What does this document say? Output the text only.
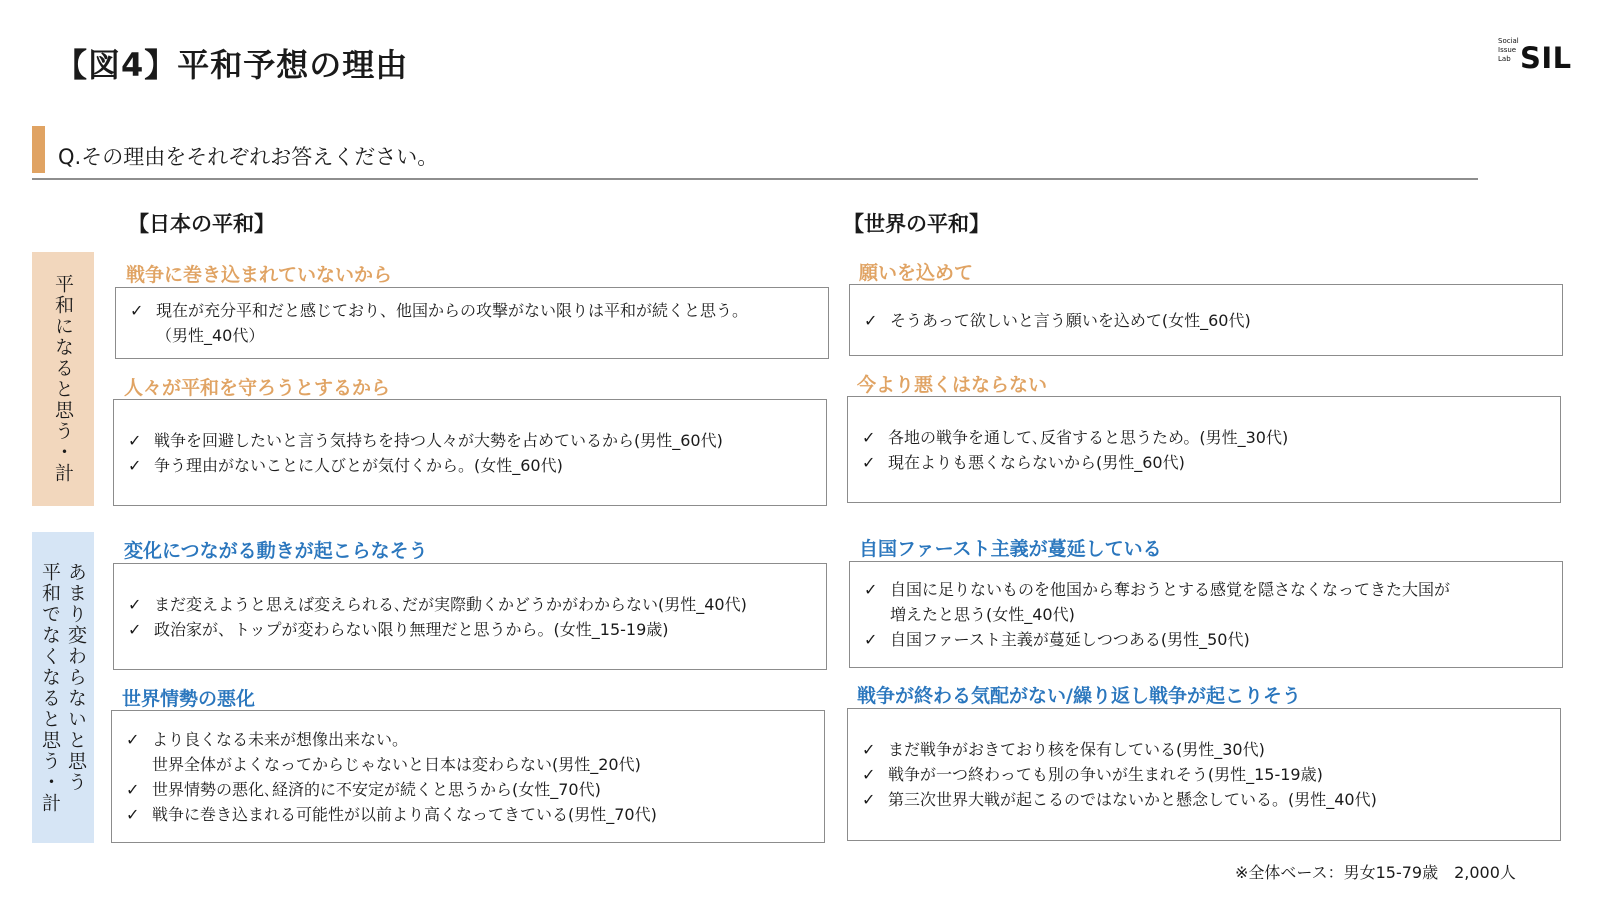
【図4】平和予想の理由
Social
Issue
Lab SIL
Q.その理由をそれぞれお答えください。
【日本の平和】	【世界の平和】
平和になると思う・計
あまり変わらないと思う
平和でなくなると思う・計
戦争に巻き込まれていないから
✓ 現在が充分平和だと感じており、他国からの攻撃がない限りは平和が続くと思う。
（男性_40代）
人々が平和を守ろうとするから
✓ 戦争を回避したいと言う気持ちを持つ人々が大勢を占めているから(男性_60代)
✓ 争う理由がないことに人びとが気付くから。(女性_60代)
変化につながる動きが起こらなそう
✓ まだ変えようと思えば変えられる､だが実際動くかどうかがわからない(男性_40代)
✓ 政治家が、トップが変わらない限り無理だと思うから。(女性_15-19歳)
世界情勢の悪化
✓ より良くなる未来が想像出来ない。
世界全体がよくなってからじゃないと日本は変わらない(男性_20代)
✓ 世界情勢の悪化､経済的に不安定が続くと思うから(女性_70代)
✓ 戦争に巻き込まれる可能性が以前より高くなってきている(男性_70代)
願いを込めて
✓ そうあって欲しいと言う願いを込めて(女性_60代)
今より悪くはならない
✓ 各地の戦争を通して､反省すると思うため。(男性_30代)
✓ 現在よりも悪くならないから(男性_60代)
自国ファースト主義が蔓延している
✓ 自国に足りないものを他国から奪おうとする感覚を隠さなくなってきた大国が
増えたと思う(女性_40代)
✓ 自国ファースト主義が蔓延しつつある(男性_50代)
戦争が終わる気配がない/繰り返し戦争が起こりそう
✓ まだ戦争がおきており核を保有している(男性_30代)
✓ 戦争が一つ終わっても別の争いが生まれそう(男性_15-19歳)
✓ 第三次世界大戦が起こるのではないかと懸念している。(男性_40代)
※全体ベース：男女15-79歳　2,000人
